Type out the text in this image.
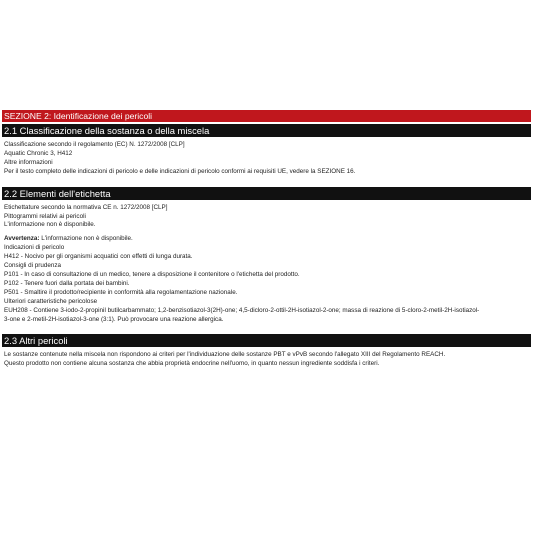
SEZIONE 2: Identificazione dei pericoli
2.1 Classificazione della sostanza o della miscela
Classificazione secondo il regolamento (EC) N. 1272/2008 [CLP]
Aquatic Chronic 3, H412
Altre informazioni
Per il testo completo delle indicazioni di pericolo e delle indicazioni di pericolo conformi ai requisiti UE, vedere la SEZIONE 16.
2.2 Elementi dell'etichetta
Etichettature secondo la normativa CE n. 1272/2008 [CLP]
Pittogrammi relativi ai pericoli
L'informazione non è disponibile.
Avvertenza: L'informazione non è disponibile.
Indicazioni di pericolo
H412 - Nocivo per gli organismi acquatici con effetti di lunga durata.
Consigli di prudenza
P101 - In caso di consultazione di un medico, tenere a disposizione il contenitore o l'etichetta del prodotto.
P102 - Tenere fuori dalla portata dei bambini.
P501 - Smaltire il prodotto/recipiente in conformità alla regolamentazione nazionale.
Ulteriori caratteristiche pericolose
EUH208 - Contiene 3-iodo-2-propinil butilcarbammato; 1,2-benzisotiazol-3(2H)-one; 4,5-dicloro-2-ottil-2H-isotiazol-2-one; massa di reazione di 5-cloro-2-metil-2H-isotiazol-
3-one e 2-metil-2H-isotiazol-3-one (3:1). Può provocare una reazione allergica.
2.3 Altri pericoli
Le sostanze contenute nella miscela non rispondono ai criteri per l'individuazione delle sostanze PBT e vPvB secondo l'allegato XIII del Regolamento REACH.
Questo prodotto non contiene alcuna sostanza che abbia proprietà endocrine nell'uomo, in quanto nessun ingrediente soddisfa i criteri.
